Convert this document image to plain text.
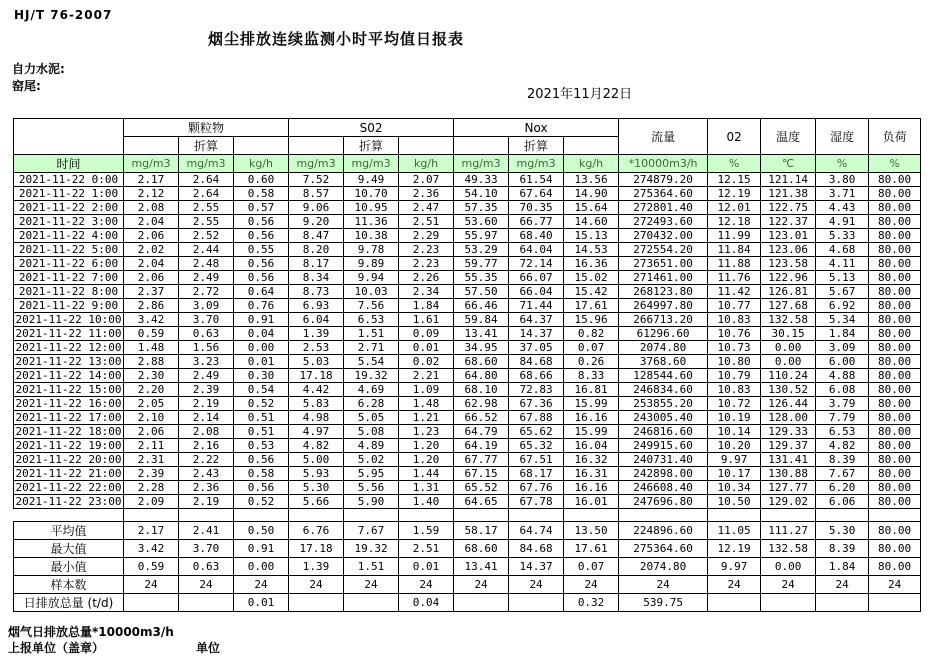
HJ/T 76-2007
烟尘排放连续监测小时平均值日报表
自力水泥:
窑尾:
2021年11月22日
	颗粒物			S02			Nox			流量	02	温度	湿度	负荷
		折算			折算			折算						
时间	mg/m3	mg/m3	kg/h	mg/m3	mg/m3	kg/h	mg/m3	mg/m3	kg/h	*10000m3/h	%	℃	%	%
2021-11-22 0:00	2.17	2.64	0.60	7.52	9.49	2.07	49.33	61.54	13.56	274879.20	12.15	121.14	3.80	80.00
2021-11-22 1:00	2.12	2.64	0.58	8.57	10.70	2.36	54.10	67.64	14.90	275364.60	12.19	121.38	3.71	80.00
2021-11-22 2:00	2.08	2.55	0.57	9.06	10.95	2.47	57.35	70.35	15.64	272801.40	12.01	122.75	4.43	80.00
2021-11-22 3:00	2.04	2.55	0.56	9.20	11.36	2.51	53.60	66.77	14.60	272493.60	12.18	122.37	4.91	80.00
2021-11-22 4:00	2.06	2.52	0.56	8.47	10.38	2.29	55.97	68.40	15.13	270432.00	11.99	123.01	5.33	80.00
2021-11-22 5:00	2.02	2.44	0.55	8.20	9.78	2.23	53.29	64.04	14.53	272554.20	11.84	123.06	4.68	80.00
2021-11-22 6:00	2.04	2.48	0.56	8.17	9.89	2.23	59.77	72.14	16.36	273651.00	11.88	123.58	4.11	80.00
2021-11-22 7:00	2.06	2.49	0.56	8.34	9.94	2.26	55.35	66.07	15.02	271461.00	11.76	122.96	5.13	80.00
2021-11-22 8:00	2.37	2.72	0.64	8.73	10.03	2.34	57.50	66.04	15.42	268123.80	11.42	126.81	5.67	80.00
2021-11-22 9:00	2.86	3.09	0.76	6.93	7.56	1.84	66.46	71.44	17.61	264997.80	10.77	127.68	6.92	80.00
2021-11-22 10:00	3.42	3.70	0.91	6.04	6.53	1.61	59.84	64.37	15.96	266713.20	10.83	132.58	5.34	80.00
2021-11-22 11:00	0.59	0.63	0.04	1.39	1.51	0.09	13.41	14.37	0.82	61296.60	10.76	30.15	1.84	80.00
2021-11-22 12:00	1.48	1.56	0.00	2.53	2.71	0.01	34.95	37.05	0.07	2074.80	10.73	0.00	3.09	80.00
2021-11-22 13:00	2.88	3.23	0.01	5.03	5.54	0.02	68.60	84.68	0.26	3768.60	10.80	0.00	6.00	80.00
2021-11-22 14:00	2.30	2.49	0.30	17.18	19.32	2.21	64.80	68.66	8.33	128544.60	10.79	110.24	4.88	80.00
2021-11-22 15:00	2.20	2.39	0.54	4.42	4.69	1.09	68.10	72.83	16.81	246834.60	10.83	130.52	6.08	80.00
2021-11-22 16:00	2.05	2.19	0.52	5.83	6.28	1.48	62.98	67.36	15.99	253855.20	10.72	126.44	3.79	80.00
2021-11-22 17:00	2.10	2.14	0.51	4.98	5.05	1.21	66.52	67.88	16.16	243005.40	10.19	128.00	7.79	80.00
2021-11-22 18:00	2.06	2.08	0.51	4.97	5.08	1.23	64.79	65.62	15.99	246816.60	10.14	129.33	6.53	80.00
2021-11-22 19:00	2.11	2.16	0.53	4.82	4.89	1.20	64.19	65.32	16.04	249915.60	10.20	129.37	4.82	80.00
2021-11-22 20:00	2.31	2.22	0.56	5.00	5.02	1.20	67.77	67.51	16.32	240731.40	9.97	131.41	8.39	80.00
2021-11-22 21:00	2.39	2.43	0.58	5.93	5.95	1.44	67.15	68.17	16.31	242898.00	10.17	130.88	7.67	80.00
2021-11-22 22:00	2.28	2.36	0.56	5.30	5.56	1.31	65.52	67.76	16.16	246608.40	10.34	127.77	6.20	80.00
2021-11-22 23:00	2.09	2.19	0.52	5.66	5.90	1.40	64.65	67.78	16.01	247696.80	10.50	129.02	6.06	80.00

平均值	2.17	2.41	0.50	6.76	7.67	1.59	58.17	64.74	13.50	224896.60	11.05	111.27	5.30	80.00
最大值	3.42	3.70	0.91	17.18	19.32	2.51	68.60	84.68	17.61	275364.60	12.19	132.58	8.39	80.00
最小值	0.59	0.63	0.00	1.39	1.51	0.01	13.41	14.37	0.07	2074.80	9.97	0.00	1.84	80.00
样本数	24	24	24	24	24	24	24	24	24	24	24	24	24	24
日排放总量 (t/d)			0.01			0.04			0.32	539.75				
烟气日排放总量*10000m3/h
上报单位（盖章）	单位
